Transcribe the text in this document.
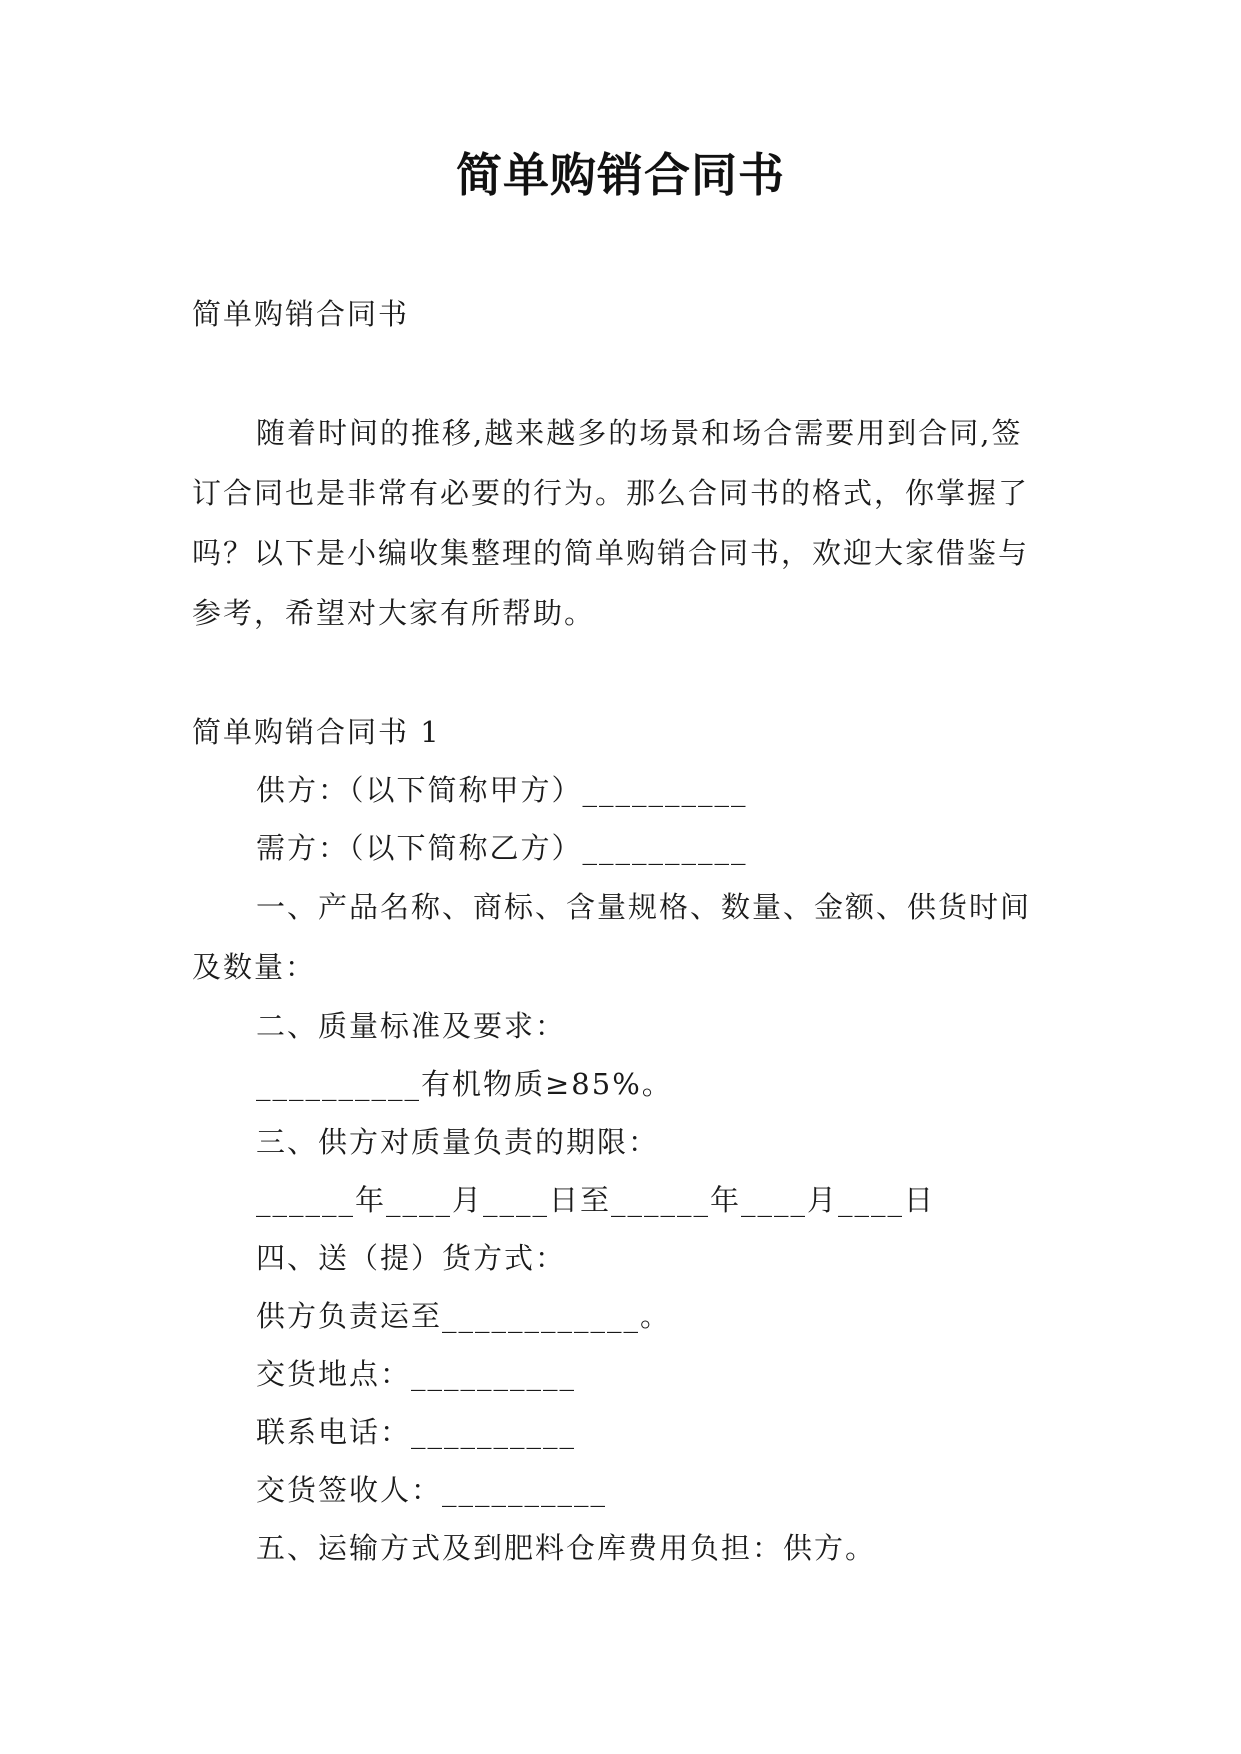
简单购销合同书

简单购销合同书

随着时间的推移,越来越多的场景和场合需要用到合同,签订合同也是非常有必要的行为。那么合同书的格式，你掌握了吗？以下是小编收集整理的简单购销合同书，欢迎大家借鉴与参考，希望对大家有所帮助。

简单购销合同书 1

供方：（以下简称甲方）__________

需方：（以下简称乙方）__________

一、产品名称、商标、含量规格、数量、金额、供货时间及数量：

二、质量标准及要求：

__________有机物质≥85%。

三、供方对质量负责的期限：

______年____月____日至______年____月____日

四、送（提）货方式：

供方负责运至____________。

交货地点：__________

联系电话：__________

交货签收人：__________

五、运输方式及到肥料仓库费用负担：供方。
